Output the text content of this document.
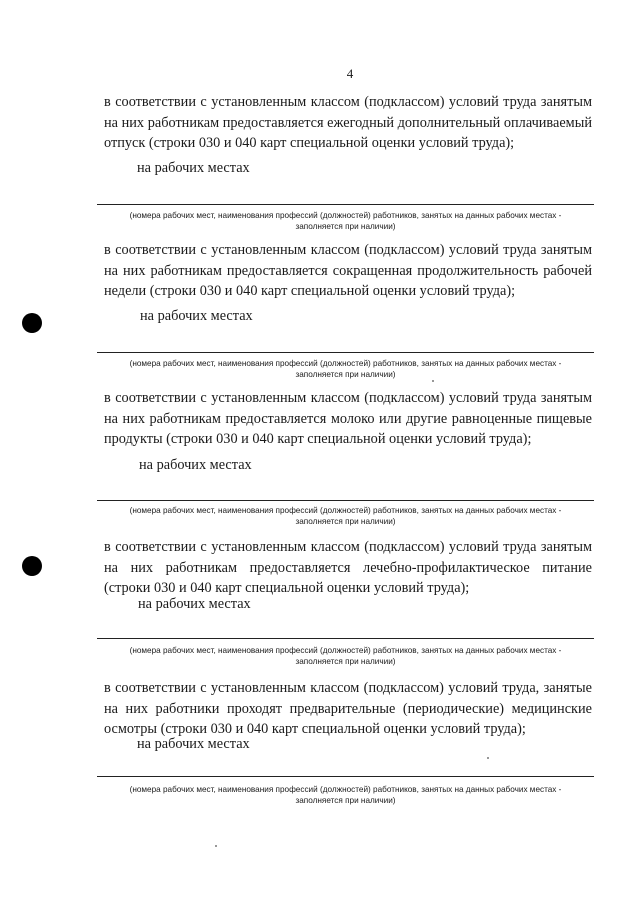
4

в соответствии с установленным классом (подклассом) условий труда занятым на них работникам предоставляется ежегодный дополнительный оплачиваемый отпуск (строки 030 и 040 карт специальной оценки условий труда);

на рабочих местах
(номера рабочих мест, наименования профессий (должностей) работников, занятых на данных рабочих местах -
заполняется при наличии)

в соответствии с установленным классом (подклассом) условий труда занятым на них работникам предоставляется сокращенная продолжительность рабочей недели (строки 030 и 040 карт специальной оценки условий труда);

на рабочих местах
(номера рабочих мест, наименования профессий (должностей) работников, занятых на данных рабочих местах -
заполняется при наличии)

в соответствии с установленным классом (подклассом) условий труда занятым на них работникам предоставляется молоко или другие равноценные пищевые продукты (строки 030 и 040 карт специальной оценки условий труда);

на рабочих местах
(номера рабочих мест, наименования профессий (должностей) работников, занятых на данных рабочих местах -
заполняется при наличии)

в соответствии с установленным классом (подклассом) условий труда занятым на них работникам предоставляется лечебно-профилактическое питание (строки 030 и 040 карт специальной оценки условий труда);

на рабочих местах
(номера рабочих мест, наименования профессий (должностей) работников, занятых на данных рабочих местах -
заполняется при наличии)

в соответствии с установленным классом (подклассом) условий труда, занятые на них работники проходят предварительные (периодические) медицинские осмотры (строки 030 и 040 карт специальной оценки условий труда);

на рабочих местах
(номера рабочих мест, наименования профессий (должностей) работников, занятых на данных рабочих местах -
заполняется при наличии)
